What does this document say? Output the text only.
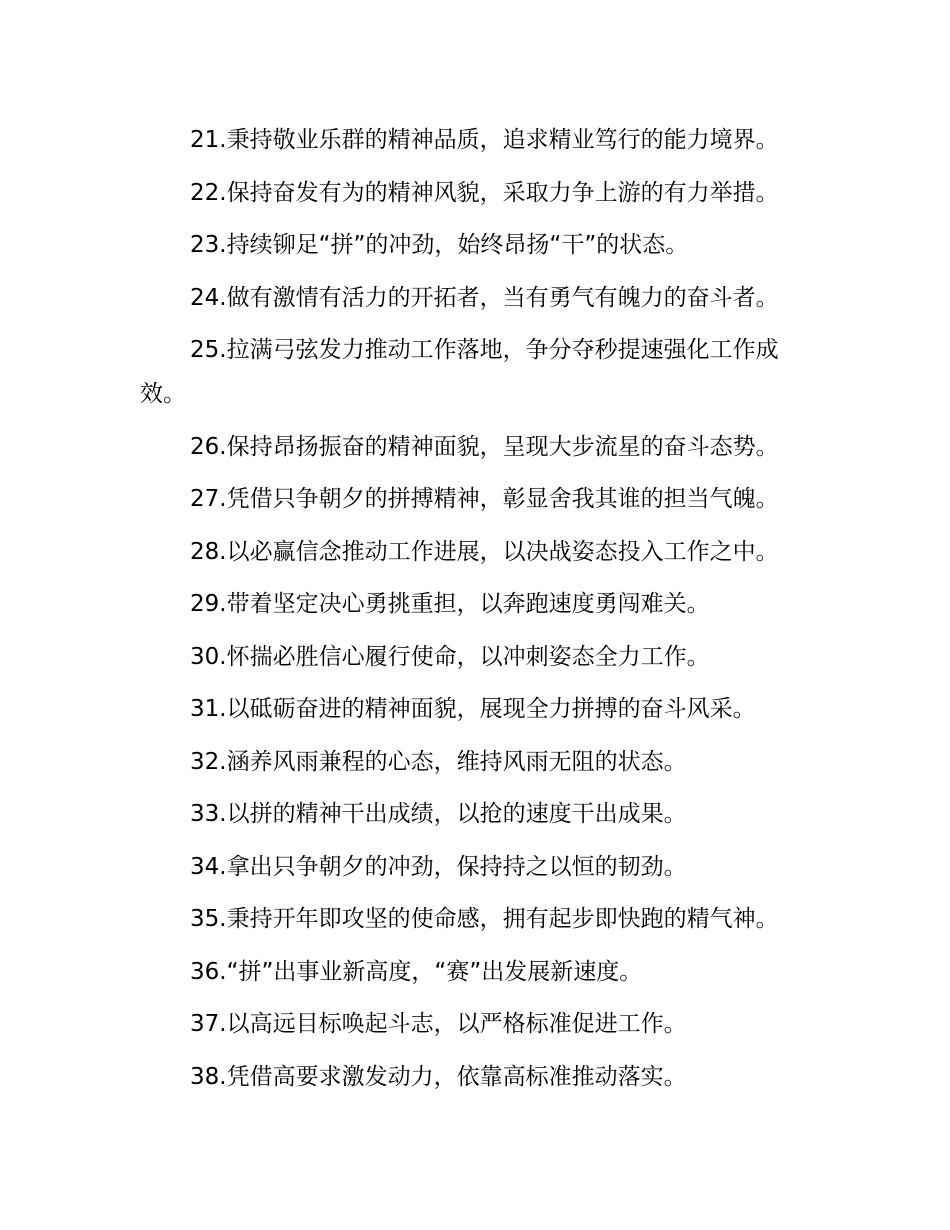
21.秉持敬业乐群的精神品质，追求精业笃行的能力境界。

22.保持奋发有为的精神风貌，采取力争上游的有力举措。

23.持续铆足“拼”的冲劲，始终昂扬“干”的状态。

24.做有激情有活力的开拓者，当有勇气有魄力的奋斗者。

25.拉满弓弦发力推动工作落地，争分夺秒提速强化工作成效。

26.保持昂扬振奋的精神面貌，呈现大步流星的奋斗态势。

27.凭借只争朝夕的拼搏精神，彰显舍我其谁的担当气魄。

28.以必赢信念推动工作进展，以决战姿态投入工作之中。

29.带着坚定决心勇挑重担，以奔跑速度勇闯难关。

30.怀揣必胜信心履行使命，以冲刺姿态全力工作。

31.以砥砺奋进的精神面貌，展现全力拼搏的奋斗风采。

32.涵养风雨兼程的心态，维持风雨无阻的状态。

33.以拼的精神干出成绩，以抢的速度干出成果。

34.拿出只争朝夕的冲劲，保持持之以恒的韧劲。

35.秉持开年即攻坚的使命感，拥有起步即快跑的精气神。

36.“拼”出事业新高度，“赛”出发展新速度。

37.以高远目标唤起斗志，以严格标准促进工作。

38.凭借高要求激发动力，依靠高标准推动落实。
